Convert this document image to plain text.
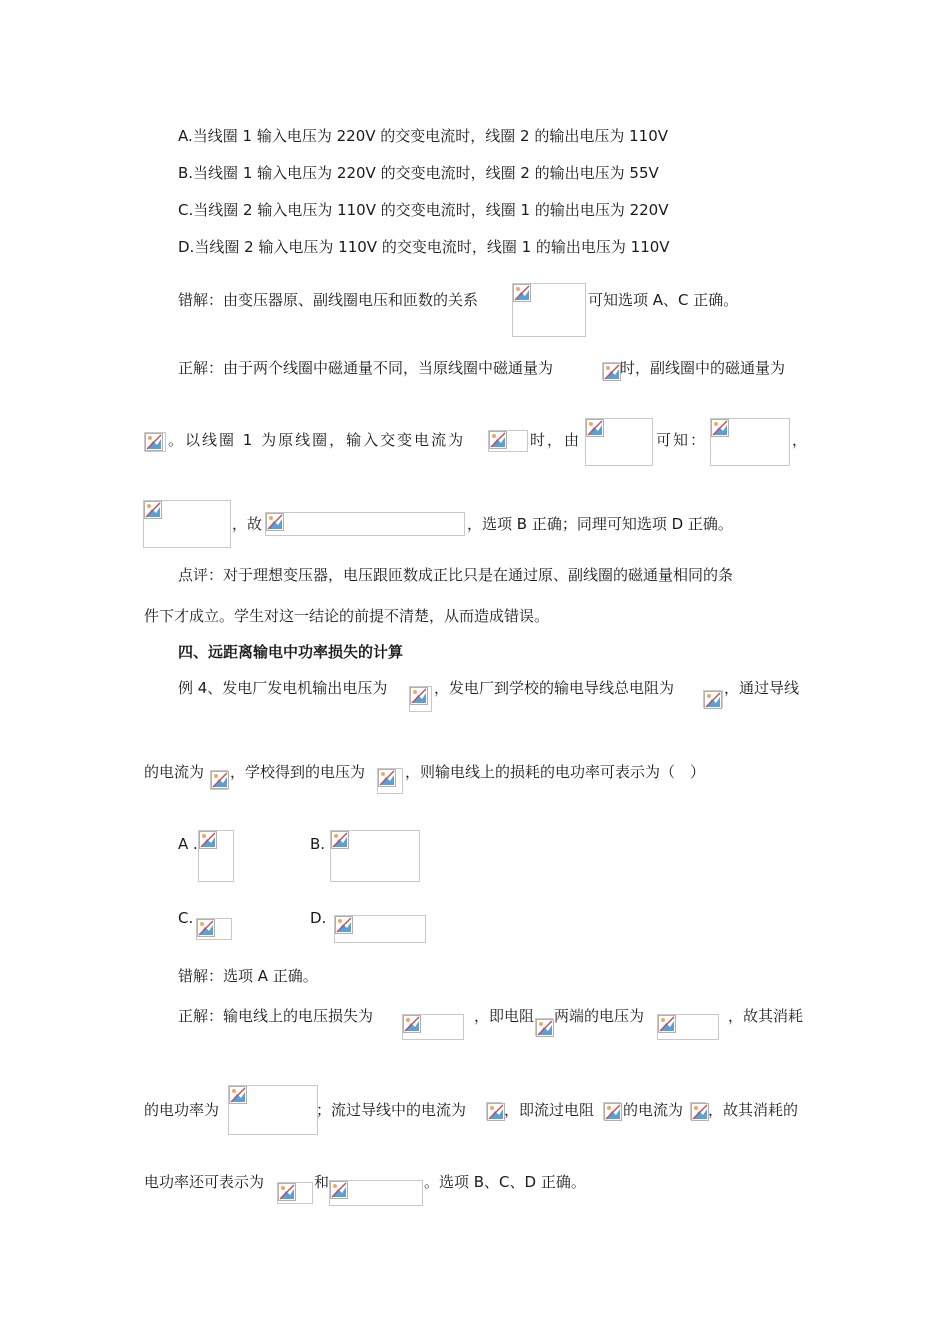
A.当线圈 1 输入电压为 220V 的交变电流时，线圈 2 的输出电压为 110V
B.当线圈 1 输入电压为 220V 的交变电流时，线圈 2 的输出电压为 55V
C.当线圈 2 输入电压为 110V 的交变电流时，线圈 1 的输出电压为 220V
D.当线圈 2 输入电压为 110V 的交变电流时，线圈 1 的输出电压为 110V
错解：由变压器原、副线圈电压和匝数的关系	可知选项 A、C 正确。
正解：由于两个线圈中磁通量不同，当原线圈中磁通量为	时，副线圈中的磁通量为
。以线圈 1 为原线圈，输入交变电流为	时，由	可知：	，
，故	，选项 B 正确；同理可知选项 D 正确。
点评：对于理想变压器，电压跟匝数成正比只是在通过原、副线圈的磁通量相同的条
件下才成立。学生对这一结论的前提不清楚，从而造成错误。
四、远距离输电中功率损失的计算
例 4、发电厂发电机输出电压为	，发电厂到学校的输电导线总电阻为	，通过导线
的电流为 ，学校得到的电压为	，则输电线上的损耗的电功率可表示为（　）
A .	B.
C.	D.
错解：选项 A 正确。
正解：输电线上的电压损失为	，即电阻 两端的电压为	，故其消耗
的电功率为	；流过导线中的电流为	，即流过电阻 的电流为 ，故其消耗的
电功率还可表示为	和	。选项 B、C、D 正确。
